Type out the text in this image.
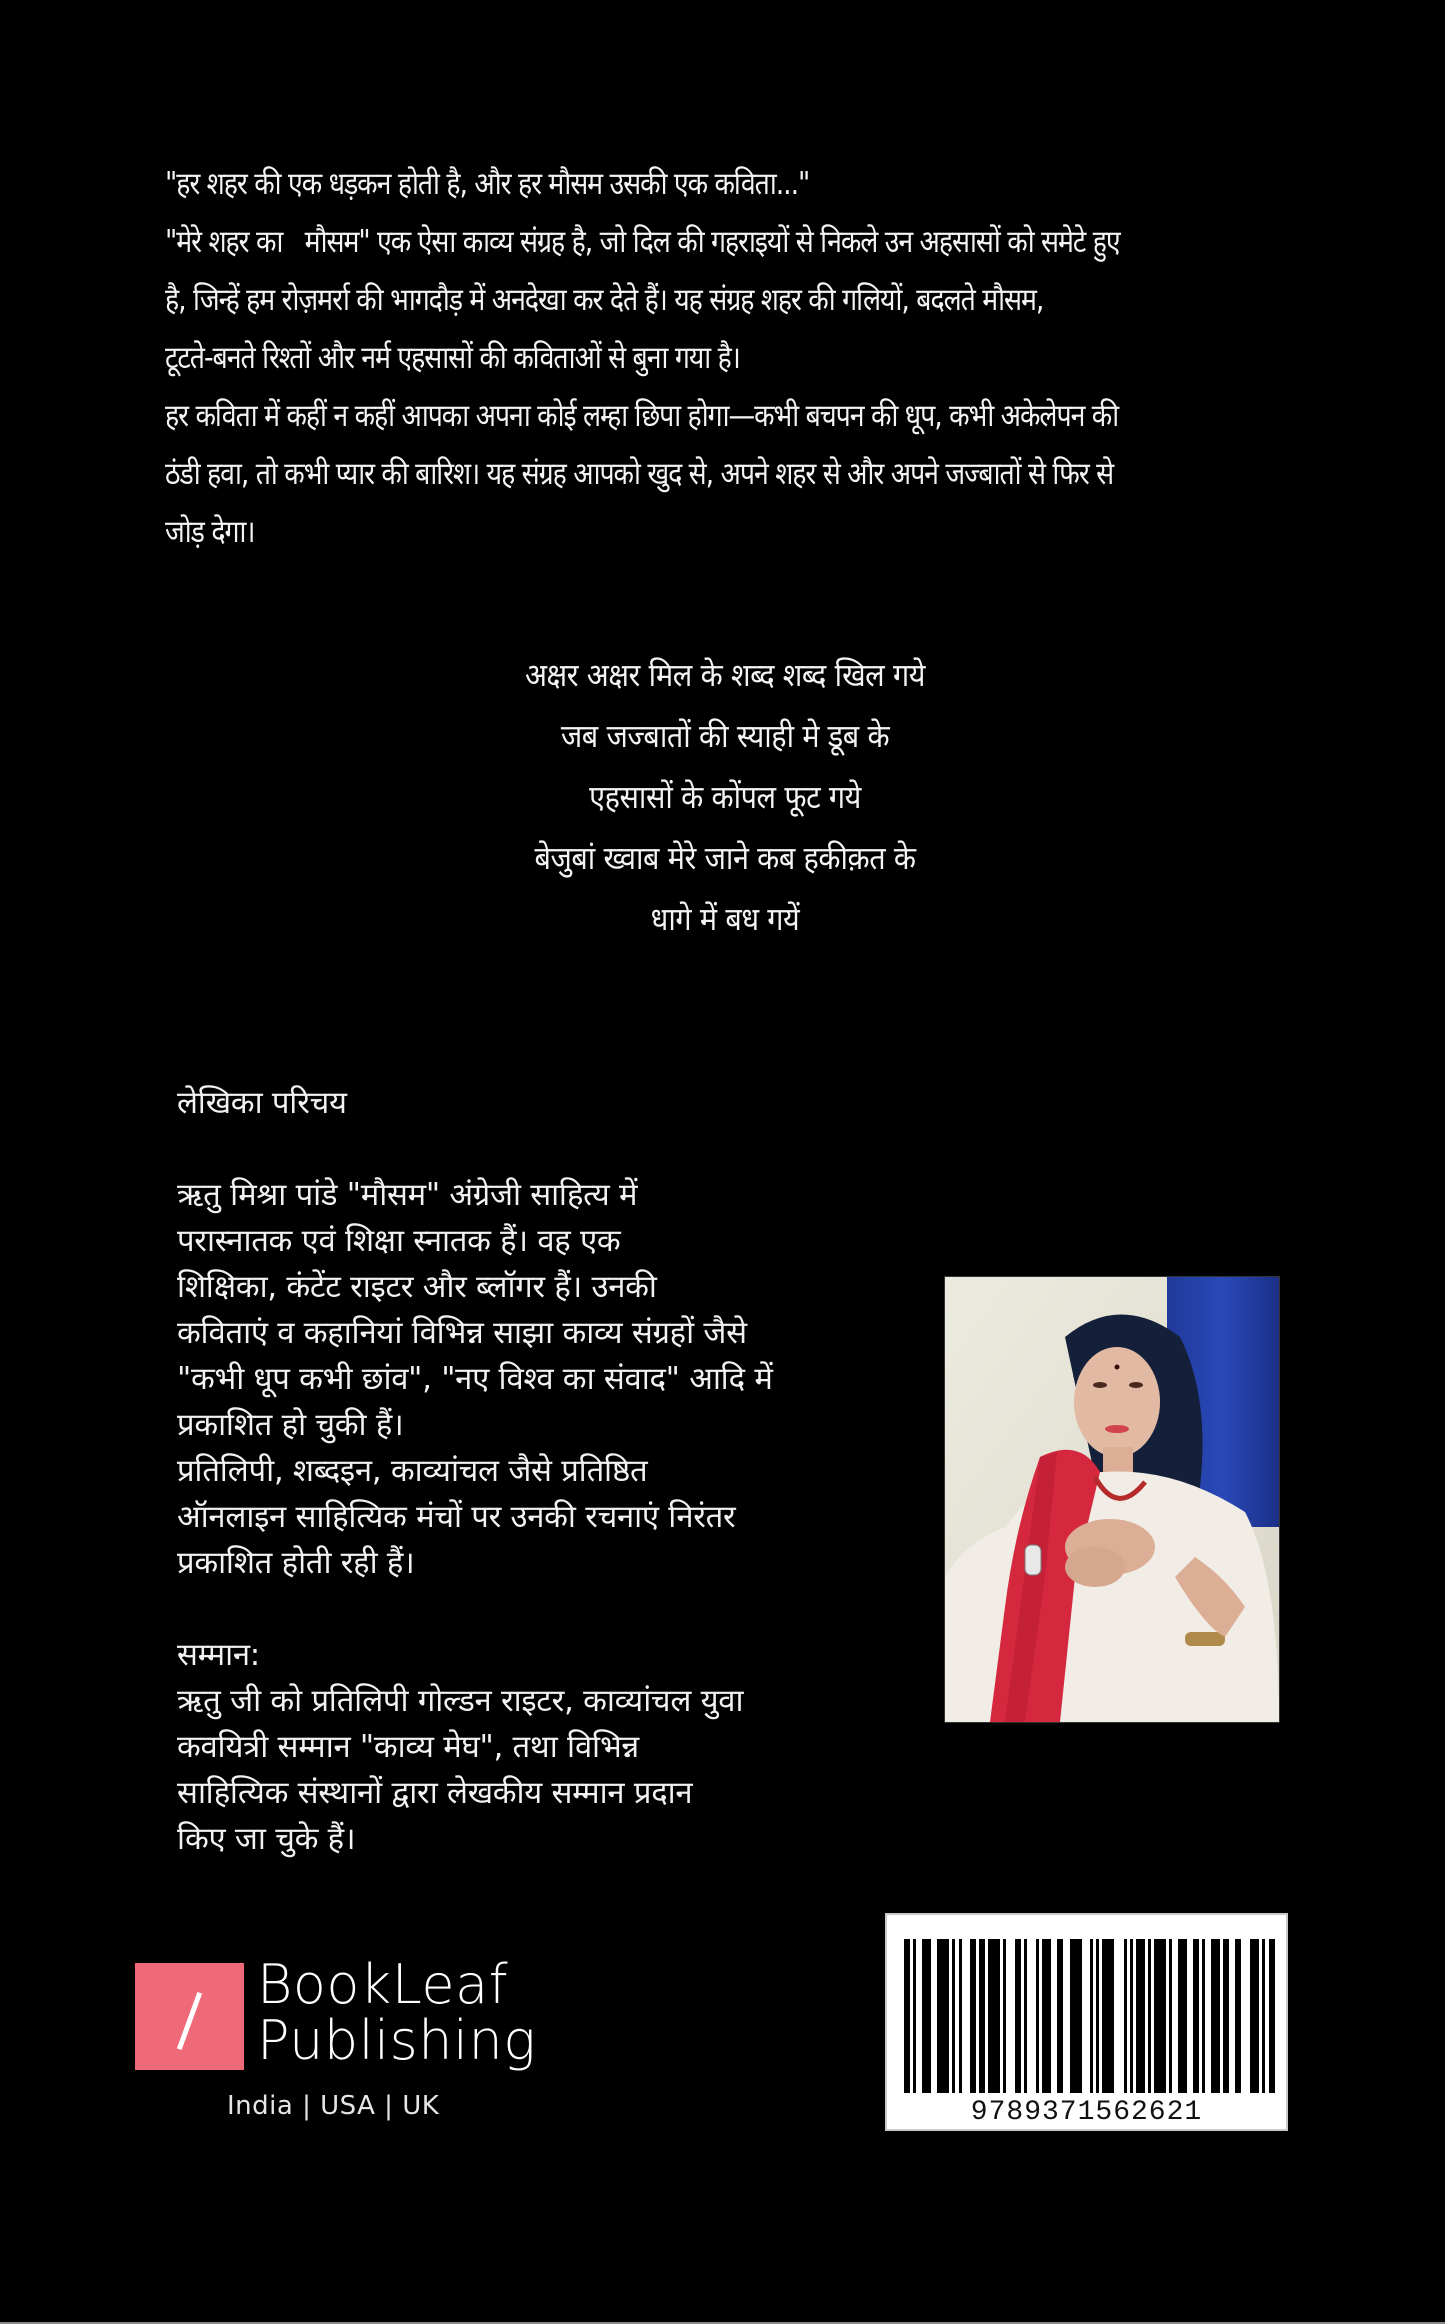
"हर शहर की एक धड़कन होती है, और हर मौसम उसकी एक कविता..."
"मेरे शहर का   मौसम" एक ऐसा काव्य संग्रह है, जो दिल की गहराइयों से निकले उन अहसासों को समेटे हुए
है, जिन्हें हम रोज़मर्रा की भागदौड़ में अनदेखा कर देते हैं। यह संग्रह शहर की गलियों, बदलते मौसम,
टूटते-बनते रिश्तों और नर्म एहसासों की कविताओं से बुना गया है।
हर कविता में कहीं न कहीं आपका अपना कोई लम्हा छिपा होगा—कभी बचपन की धूप, कभी अकेलेपन की
ठंडी हवा, तो कभी प्यार की बारिश। यह संग्रह आपको खुद से, अपने शहर से और अपने जज्बातों से फिर से
जोड़ देगा।
अक्षर अक्षर मिल के शब्द शब्द खिल गये
जब जज्बातों की स्याही मे डूब के
एहसासों के कोंपल फूट गये
बेजुबां ख्वाब मेरे जाने कब हकीक़त के
धागे में बध गयें
लेखिका परिचय
ऋतु मिश्रा पांडे "मौसम" अंग्रेजी साहित्य में
परास्नातक एवं शिक्षा स्नातक हैं। वह एक
शिक्षिका, कंटेंट राइटर और ब्लॉगर हैं। उनकी
कविताएं व कहानियां विभिन्न साझा काव्य संग्रहों जैसे
"कभी धूप कभी छांव", "नए विश्व का संवाद" आदि में
प्रकाशित हो चुकी हैं।
प्रतिलिपी, शब्दइन, काव्यांचल जैसे प्रतिष्ठित
ऑनलाइन साहित्यिक मंचों पर उनकी रचनाएं निरंतर
प्रकाशित होती रही हैं।
सम्मान:
ऋतु जी को प्रतिलिपी गोल्डन राइटर, काव्यांचल युवा
कवयित्री सम्मान "काव्य मेघ", तथा विभिन्न
साहित्यिक संस्थानों द्वारा लेखकीय सम्मान प्रदान
किए जा चुके हैं।
BookLeaf
Publishing
India | USA | UK	9789371562621
